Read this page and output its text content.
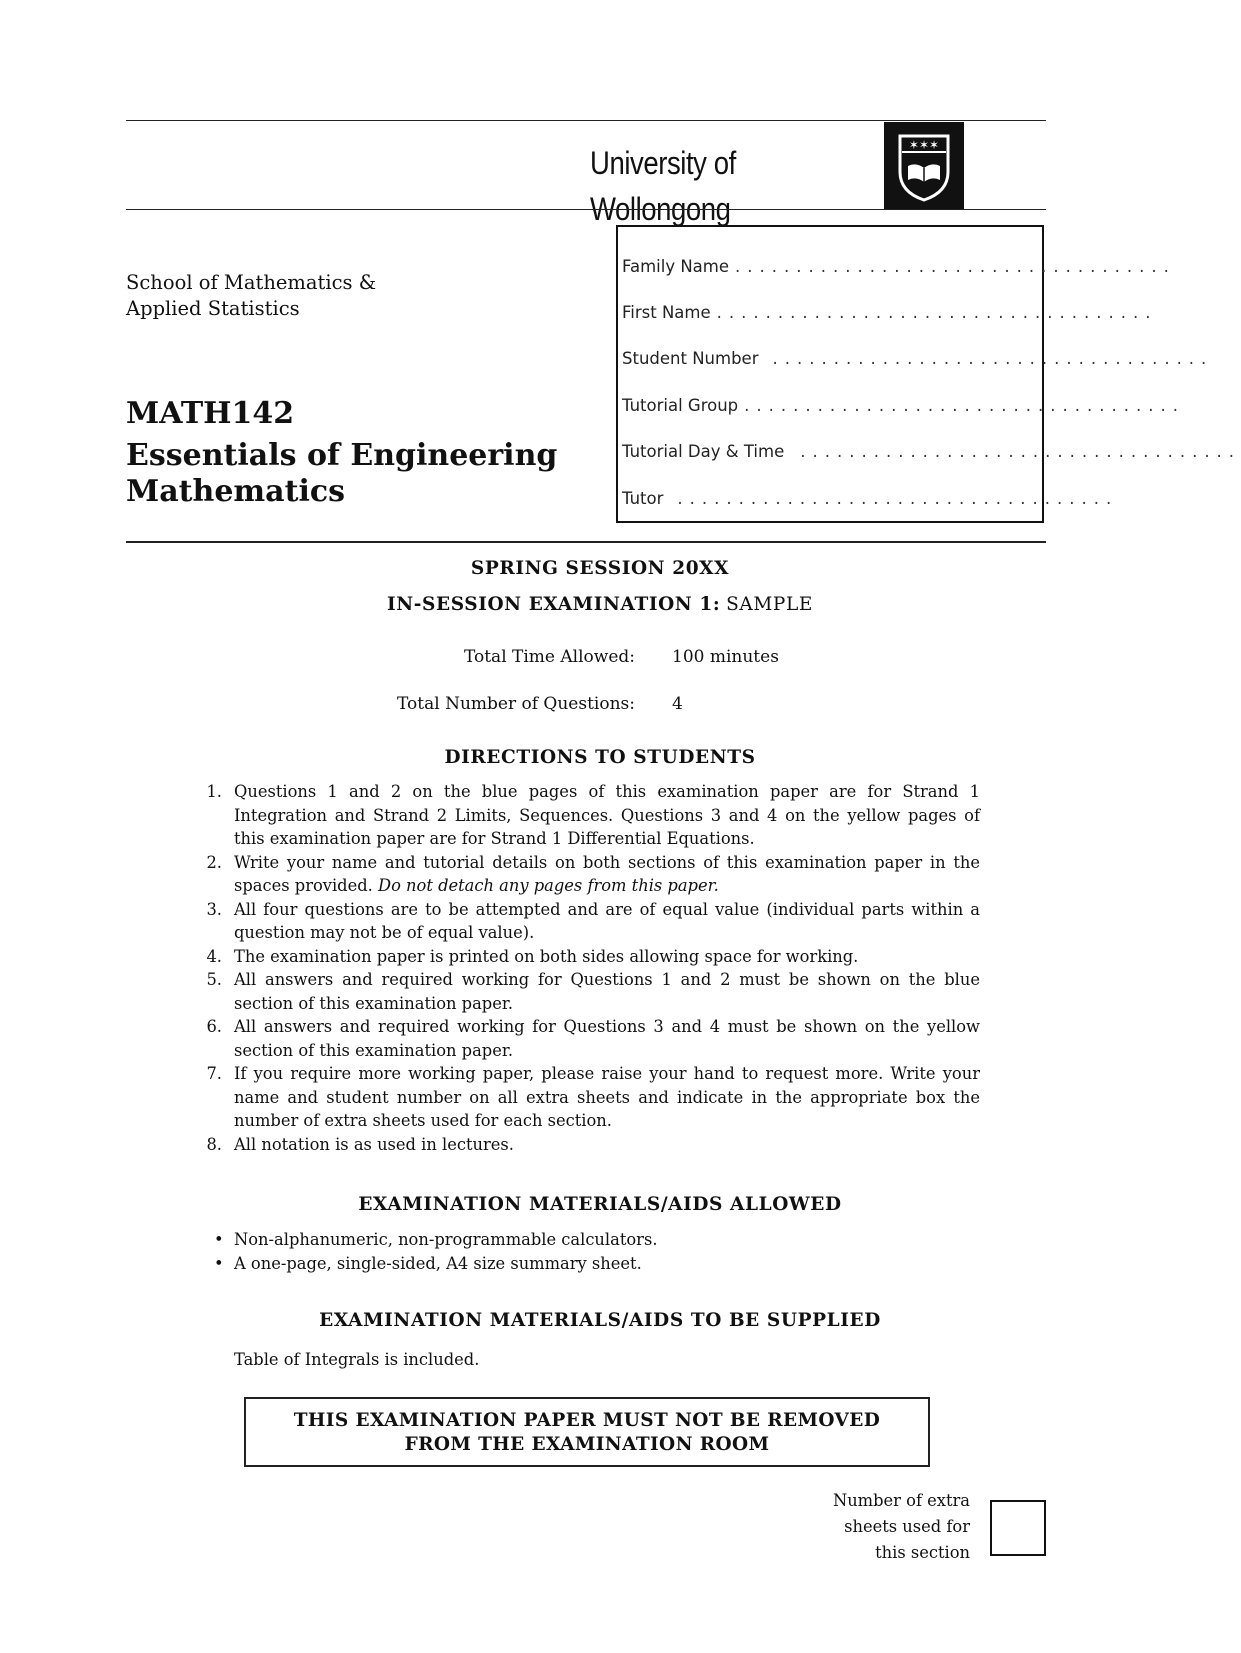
University of Wollongong
✶✶✶
School of Mathematics &
Applied Statistics
MATH142
Essentials of Engineering
Mathematics
Family Name ....................................
First Name ....................................
Student Number ....................................
Tutorial Group ....................................
Tutorial Day & Time ....................................
Tutor ....................................
SPRING SESSION 20XX
IN-SESSION EXAMINATION 1: SAMPLE
Total Time Allowed: 100 minutes
Total Number of Questions: 4
DIRECTIONS TO STUDENTS
1. Questions 1 and 2 on the blue pages of this examination paper are for Strand 1 Integration and Strand 2 Limits, Sequences. Questions 3 and 4 on the yellow pages of this examination paper are for Strand 1 Differential Equations.
2. Write your name and tutorial details on both sections of this examination paper in the spaces provided. Do not detach any pages from this paper.
3. All four questions are to be attempted and are of equal value (individual parts within a question may not be of equal value).
4. The examination paper is printed on both sides allowing space for working.
5. All answers and required working for Questions 1 and 2 must be shown on the blue section of this examination paper.
6. All answers and required working for Questions 3 and 4 must be shown on the yellow section of this examination paper.
7. If you require more working paper, please raise your hand to request more. Write your name and student number on all extra sheets and indicate in the appropriate box the number of extra sheets used for each section.
8. All notation is as used in lectures.
EXAMINATION MATERIALS/AIDS ALLOWED
• Non-alphanumeric, non-programmable calculators.
• A one-page, single-sided, A4 size summary sheet.
EXAMINATION MATERIALS/AIDS TO BE SUPPLIED
Table of Integrals is included.
THIS EXAMINATION PAPER MUST NOT BE REMOVED
FROM THE EXAMINATION ROOM
Number of extra
sheets used for
this section
